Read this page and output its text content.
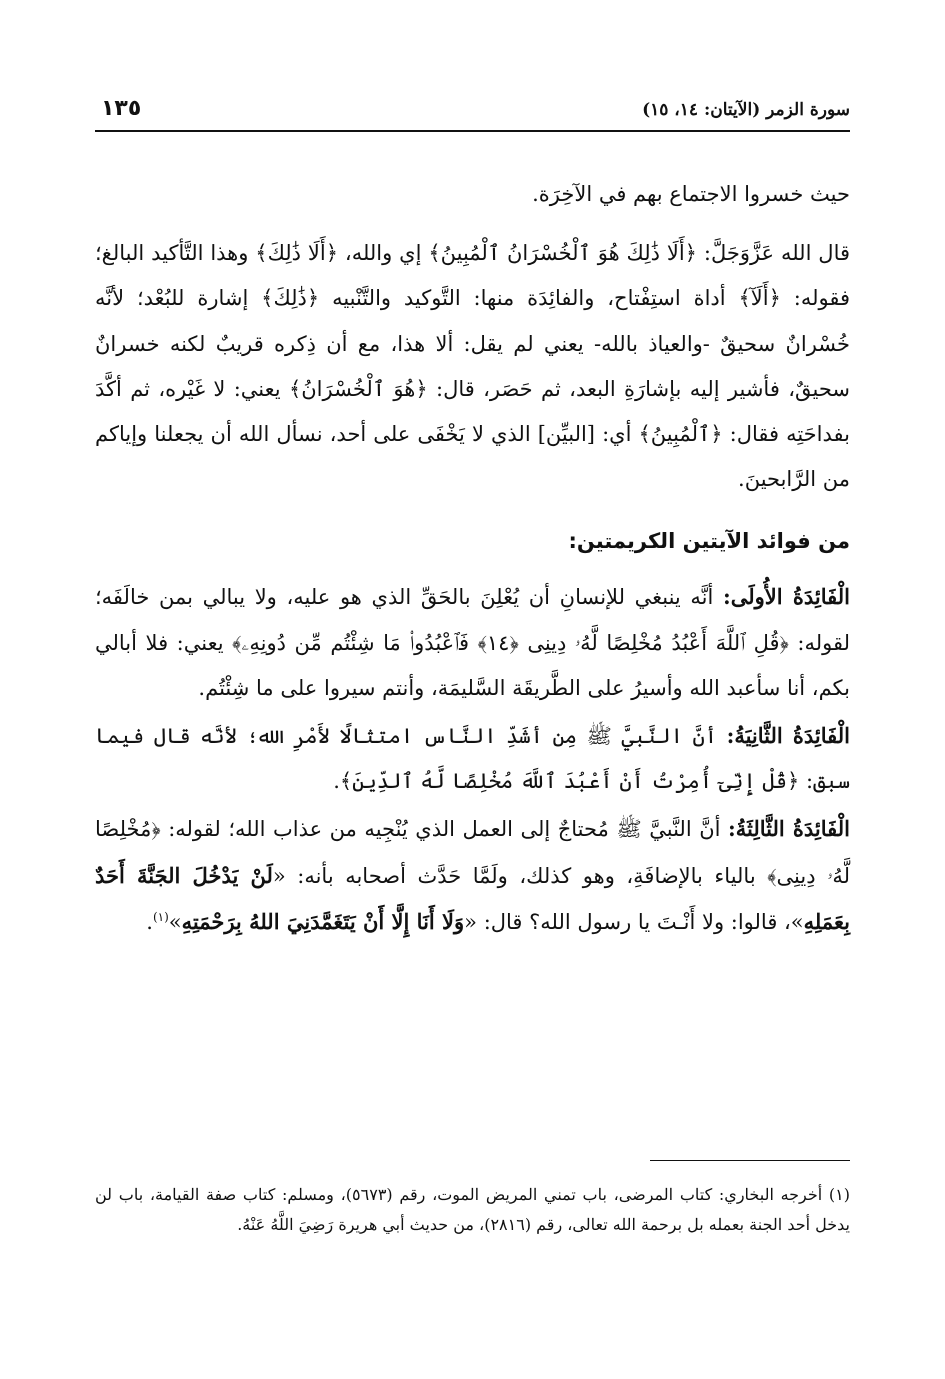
سورة الزمر (الآيتان: ١٤، ١٥)
١٣٥

حيث خسروا الاجتماع بهم في الآخِرَة.

قال الله عَزَّوَجَلَّ: ﴿أَلَا ذَٰلِكَ هُوَ ٱلْخُسْرَانُ ٱلْمُبِينُ﴾ إي والله، ﴿أَلَا ذَٰلِكَ﴾ وهذا التَّأكيد البالغ؛ فقوله: ﴿أَلَآ﴾ أداة استِفْتاح، والفائِدَة منها: التَّوكيد والتَّنْبيه ﴿ذَٰلِكَ﴾ إشارة للبُعْد؛ لأنَّه خُسْرانٌ سحيقٌ -والعياذ بالله- يعني لم يقل: ألا هذا، مع أن ذِكره قريبٌ لكنه خسرانٌ سحيقٌ، فأشير إليه بإشارَةِ البعد، ثم حَصَر، قال: ﴿هُوَ ٱلْخُسْرَانُ﴾ يعني: لا غَيْره، ثم أكَّدَ بفداحَتِه فقال: ﴿ٱلْمُبِينُ﴾ أي: [البيِّن] الذي لا يَخْفَى على أحد، نسأل الله أن يجعلنا وإياكم من الرَّابحينَ.

من فوائد الآيتين الكريمتين:

الْفَائِدَةُ الأُولَى: أنَّه ينبغي للإنسانِ أن يُعْلِنَ بالحَقِّ الذي هو عليه، ولا يبالي بمن خالَفَه؛ لقوله: ﴿قُلِ ٱللَّهَ أَعْبُدُ مُخْلِصًا لَّهُۥ دِينِى ﴿١٤﴾ فَٱعْبُدُوا۟ مَا شِئْتُم مِّن دُونِهِۦ﴾ يعني: فلا أبالي بكم، أنا سأعبد الله وأسيرُ على الطَّريقَة السَّليمَة، وأنتم سيروا على ما شِئْتُم.

الْفَائِدَةُ الثَّانِيَةُ: أنَّ النَّبيَّ ﷺ مِن أشَدِّ النَّاس امتثالًا لأَمْرِ الله؛ لأنَّه قال فيما سبق: ﴿قُلْ إِنِّىٓ أُمِرْتُ أَنْ أَعْبُدَ ٱللَّهَ مُخْلِصًا لَّهُ ٱلدِّينَ﴾.

الْفَائِدَةُ الثَّالِثَةُ: أنَّ النَّبيَّ ﷺ مُحتاجٌ إلى العمل الذي يُنْجِيه من عذاب الله؛ لقوله: ﴿مُخْلِصًا لَّهُۥ دِينِى﴾ بالياء بالإضافَةِ، وهو كذلك، ولَمَّا حَدَّث أصحابه بأنه: «لَنْ يَدْخُلَ الجَنَّةَ أَحَدٌ بِعَمَلِهِ»، قالوا: ولا أَنْـتَ يا رسول الله؟ قال: «وَلَا أَنَا إِلَّا أَنْ يَتَغَمَّدَنِيَ اللهُ بِرَحْمَتِهِ»$^{(١)}$.

(١) أخرجه البخاري: كتاب المرضى، باب تمني المريض الموت، رقم (٥٦٧٣)، ومسلم: كتاب صفة القيامة، باب لن يدخل أحد الجنة بعمله بل برحمة الله تعالى، رقم (٢٨١٦)، من حديث أبي هريرة رَضِيَ اللَّهُ عَنْهُ.
